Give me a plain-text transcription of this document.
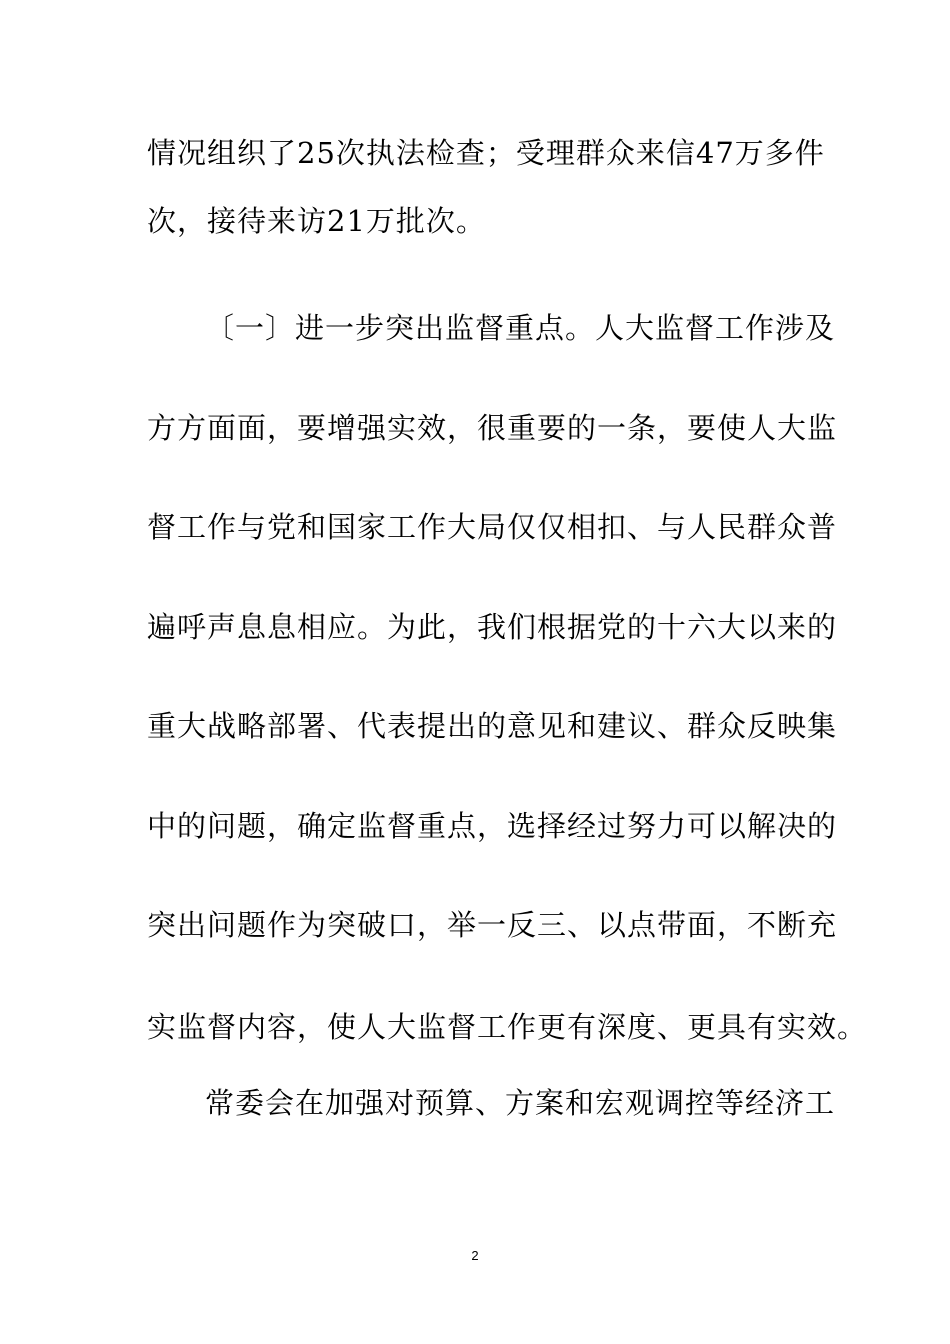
情况组织了25次执法检查；受理群众来信47万多件
次，接待来访21万批次。
〔一〕进一步突出监督重点。人大监督工作涉及
方方面面，要增强实效，很重要的一条，要使人大监
督工作与党和国家工作大局仅仅相扣、与人民群众普
遍呼声息息相应。为此，我们根据党的十六大以来的
重大战略部署、代表提出的意见和建议、群众反映集
中的问题，确定监督重点，选择经过努力可以解决的
突出问题作为突破口，举一反三、以点带面，不断充
实监督内容，使人大监督工作更有深度、更具有实效。
常委会在加强对预算、方案和宏观调控等经济工
2
